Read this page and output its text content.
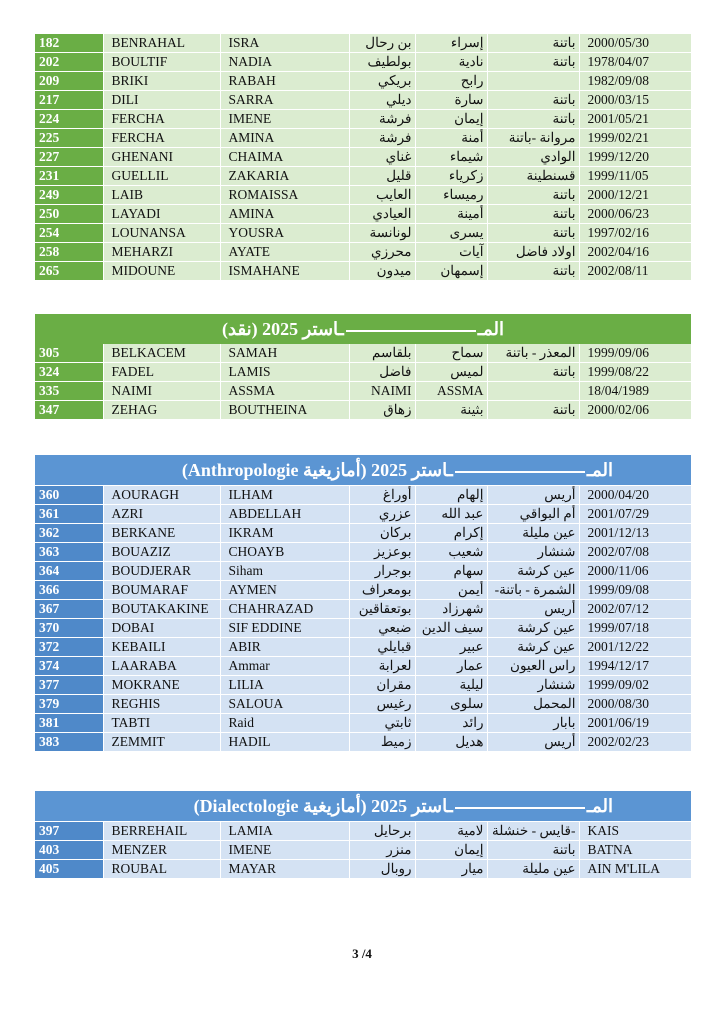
182	BENRAHAL	ISRA	بن رحال	إسراء	باتنة	2000/05/30
202	BOULTIF	NADIA	بولطيف	نادية	باتنة	1978/04/07
209	BRIKI	RABAH	بريكي	رابح		1982/09/08
217	DILI	SARRA	ديلي	سارة	باتنة	2000/03/15
224	FERCHA	IMENE	فرشة	إيمان	باتنة	2001/05/21
225	FERCHA	AMINA	فرشة	أمنة	مروانة -باتنة	1999/02/21
227	GHENANI	CHAIMA	غناي	شيماء	الوادي	1999/12/20
231	GUELLIL	ZAKARIA	قليل	زكرياء	قسنطينة	1999/11/05
249	LAIB	ROMAISSA	العايب	رميساء	باتنة	2000/12/21
250	LAYADI	AMINA	العيادي	أمينة	باتنة	2000/06/23
254	LOUNANSA	YOUSRA	لونانسة	يسرى	باتنة	1997/02/16
258	MEHARZI	AYATE	محرزي	آيات	اولاد فاضل	2002/04/16
265	MIDOUNE	ISMAHANE	ميدون	إسمهان	باتنة	2002/08/11
المــاستر 2025 (نقد)
305	BELKACEM	SAMAH	بلقاسم	سماح	المعذر - باتنة	1999/09/06
324	FADEL	LAMIS	فاضل	لميس	باتنة	1999/08/22
335	NAIMI	ASSMA	NAIMI	ASSMA		18/04/1989
347	ZEHAG	BOUTHEINA	زهاق	بثينة	باتنة	2000/02/06
المــاستر 2025 (أمازيغية Anthropologie)
360	AOURAGH	ILHAM	أوراغ	إلهام	أريس	2000/04/20
361	AZRI	ABDELLAH	عزري	عبد الله	أم البواقي	2001/07/29
362	BERKANE	IKRAM	بركان	إكرام	عين مليلة	2001/12/13
363	BOUAZIZ	CHOAYB	بوعزيز	شعيب	شنشار	2002/07/08
364	BOUDJERAR	Siham	بوجرار	سهام	عين كرشة	2000/11/06
366	BOUMARAF	AYMEN	بومعراف	أيمن	الشمرة - باتنة-	1999/09/08
367	BOUTAKAKINE	CHAHRAZAD	بوتعقاقين	شهرزاد	أريس	2002/07/12
370	DOBAI	SIF EDDINE	ضبعي	سيف الدين	عين كرشة	1999/07/18
372	KEBAILI	ABIR	قبايلي	عبير	عين كرشة	2001/12/22
374	LAARABA	Ammar	لعرابة	عمار	راس العيون	1994/12/17
377	MOKRANE	LILIA	مقران	ليلية	شنشار	1999/09/02
379	REGHIS	SALOUA	رغيس	سلوى	المحمل	2000/08/30
381	TABTI	Raid	ثابتي	رائد	بابار	2001/06/19
383	ZEMMIT	HADIL	زميط	هديل	أريس	2002/02/23
المــاستر 2025 (أمازيغية Dialectologie)
397	BERREHAIL	LAMIA	برحايل	لامية	-قايس - خنشلة	KAIS
403	MENZER	IMENE	منزر	إيمان	باتنة	BATNA
405	ROUBAL	MAYAR	روبال	ميار	عين مليلة	AIN M'LILA
3 /4
